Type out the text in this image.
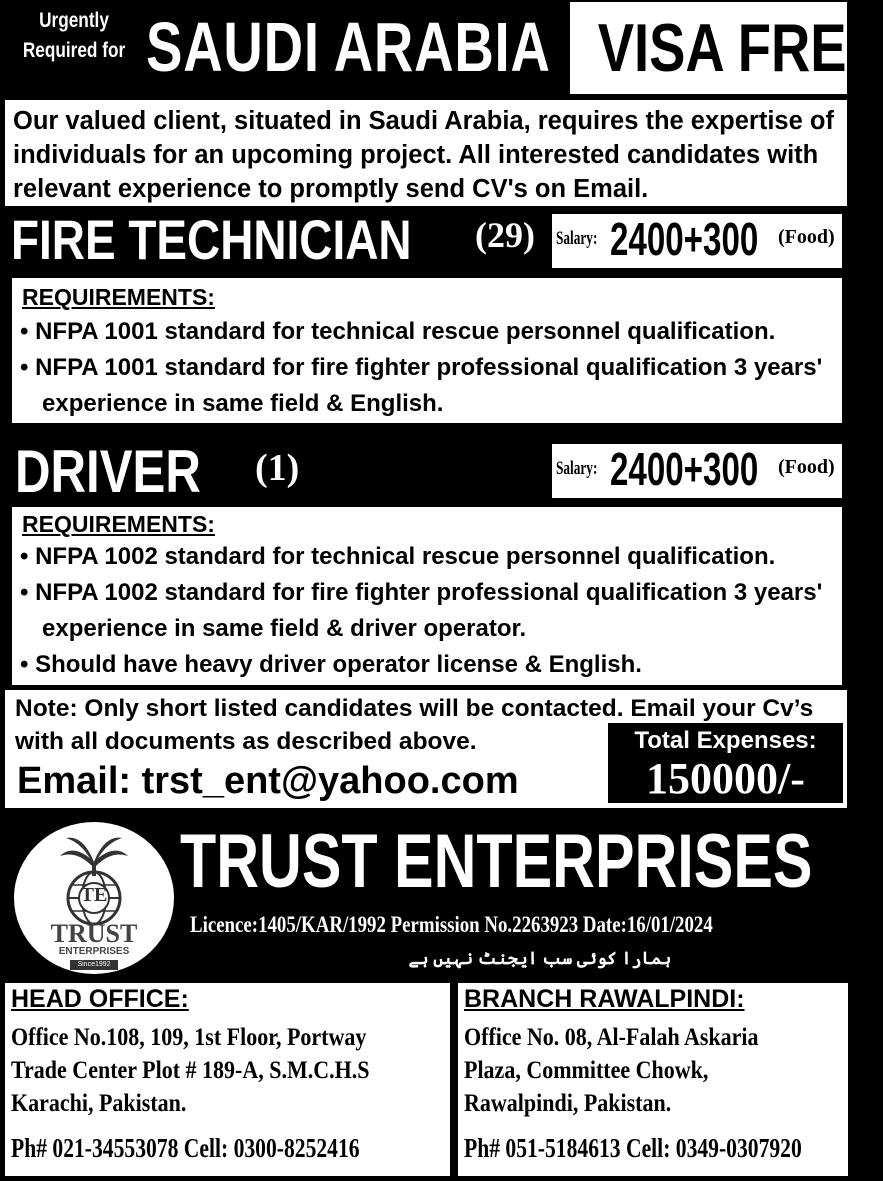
Urgently
Required for SAUDI ARABIA VISA FREE
Our valued client, situated in Saudi Arabia, requires the expertise of individuals for an upcoming project. All interested candidates with relevant experience to promptly send CV's on Email.
FIRE TECHNICIAN (29) Salary: 2400+300 (Food)
REQUIREMENTS:
• NFPA 1001 standard for technical rescue personnel qualification.
• NFPA 1001 standard for fire fighter professional qualification 3 years' experience in same field & English.
DRIVER (1)	Salary: 2400+300 (Food)
REQUIREMENTS:
• NFPA 1002 standard for technical rescue personnel qualification.
• NFPA 1002 standard for fire fighter professional qualification 3 years' experience in same field & driver operator.
• Should have heavy driver operator license & English.
Note: Only short listed candidates will be contacted. Email your Cv’s with all documents as described above.
Email: trst_ent@yahoo.com
Total Expenses:
150000/-
TE
TRUST
ENTERPRISES
Since1992
TRUST ENTERPRISES
Licence:1405/KAR/1992 Permission No.2263923 Date:16/01/2024
ہمارا کوئی سب ایجنٹ نہیں ہے
HEAD OFFICE:
Office No.108, 109, 1st Floor, Portway
Trade Center Plot # 189-A, S.M.C.H.S
Karachi, Pakistan.
Ph# 021-34553078 Cell: 0300-8252416
BRANCH RAWALPINDI:
Office No. 08, Al-Falah Askaria
Plaza, Committee Chowk,
Rawalpindi, Pakistan.
Ph# 051-5184613 Cell: 0349-0307920
